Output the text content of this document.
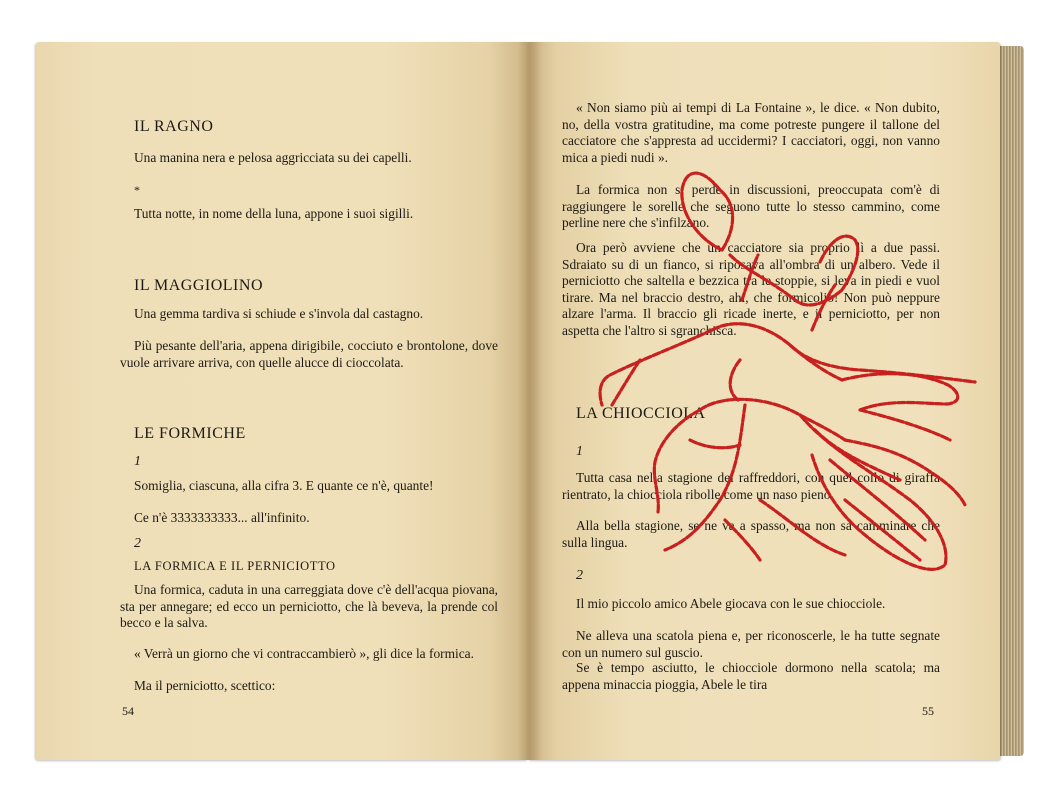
IL RAGNO

Una manina nera e pelosa aggricciata su dei capelli.

*

Tutta notte, in nome della luna, appone i suoi sigilli.

IL MAGGIOLINO

Una gemma tardiva si schiude e s'invola dal castagno.

Più pesante dell'aria, appena dirigibile, cocciuto e brontolone, dove vuole arrivare arriva, con quelle alucce di cioccolata.

LE FORMICHE

1

Somiglia, ciascuna, alla cifra 3. E quante ce n'è, quante!

Ce n'è 3333333333... all'infinito.

2

LA FORMICA E IL PERNICIOTTO

Una formica, caduta in una carreggiata dove c'è dell'acqua piovana, sta per annegare; ed ecco un perniciotto, che là beveva, la prende col becco e la salva.

« Verrà un giorno che vi contraccambierò », gli dice la formica.

Ma il perniciotto, scettico:

54

« Non siamo più ai tempi di La Fontaine », le dice. « Non dubito, no, della vostra gratitudine, ma come potreste pungere il tallone del cacciatore che s'appresta ad uccidermi? I cacciatori, oggi, non vanno mica a piedi nudi ».

La formica non si perde in discussioni, preoccupata com'è di raggiungere le sorelle che seguono tutte lo stesso cammino, come perline nere che s'infilzano.

Ora però avviene che un cacciatore sia proprio lì a due passi. Sdraiato su di un fianco, si riposava all'ombra di un albero. Vede il perniciotto che saltella e bezzica tra le stoppie, si leva in piedi e vuol tirare. Ma nel braccio destro, ahi, che formicolio! Non può neppure alzare l'arma. Il braccio gli ricade inerte, e il perniciotto, per non aspetta che l'altro si sgranchisca.

LA CHIOCCIOLA

1

Tutta casa nella stagione dei raffreddori, con quel collo di giraffa rientrato, la chiocciola ribolle come un naso pieno.

Alla bella stagione, se ne va a spasso, ma non sa camminare che sulla lingua.

2

Il mio piccolo amico Abele giocava con le sue chiocciole.

Ne alleva una scatola piena e, per riconoscerle, le ha tutte segnate con un numero sul guscio.

Se è tempo asciutto, le chiocciole dormono nella scatola; ma appena minaccia pioggia, Abele le tira

55
